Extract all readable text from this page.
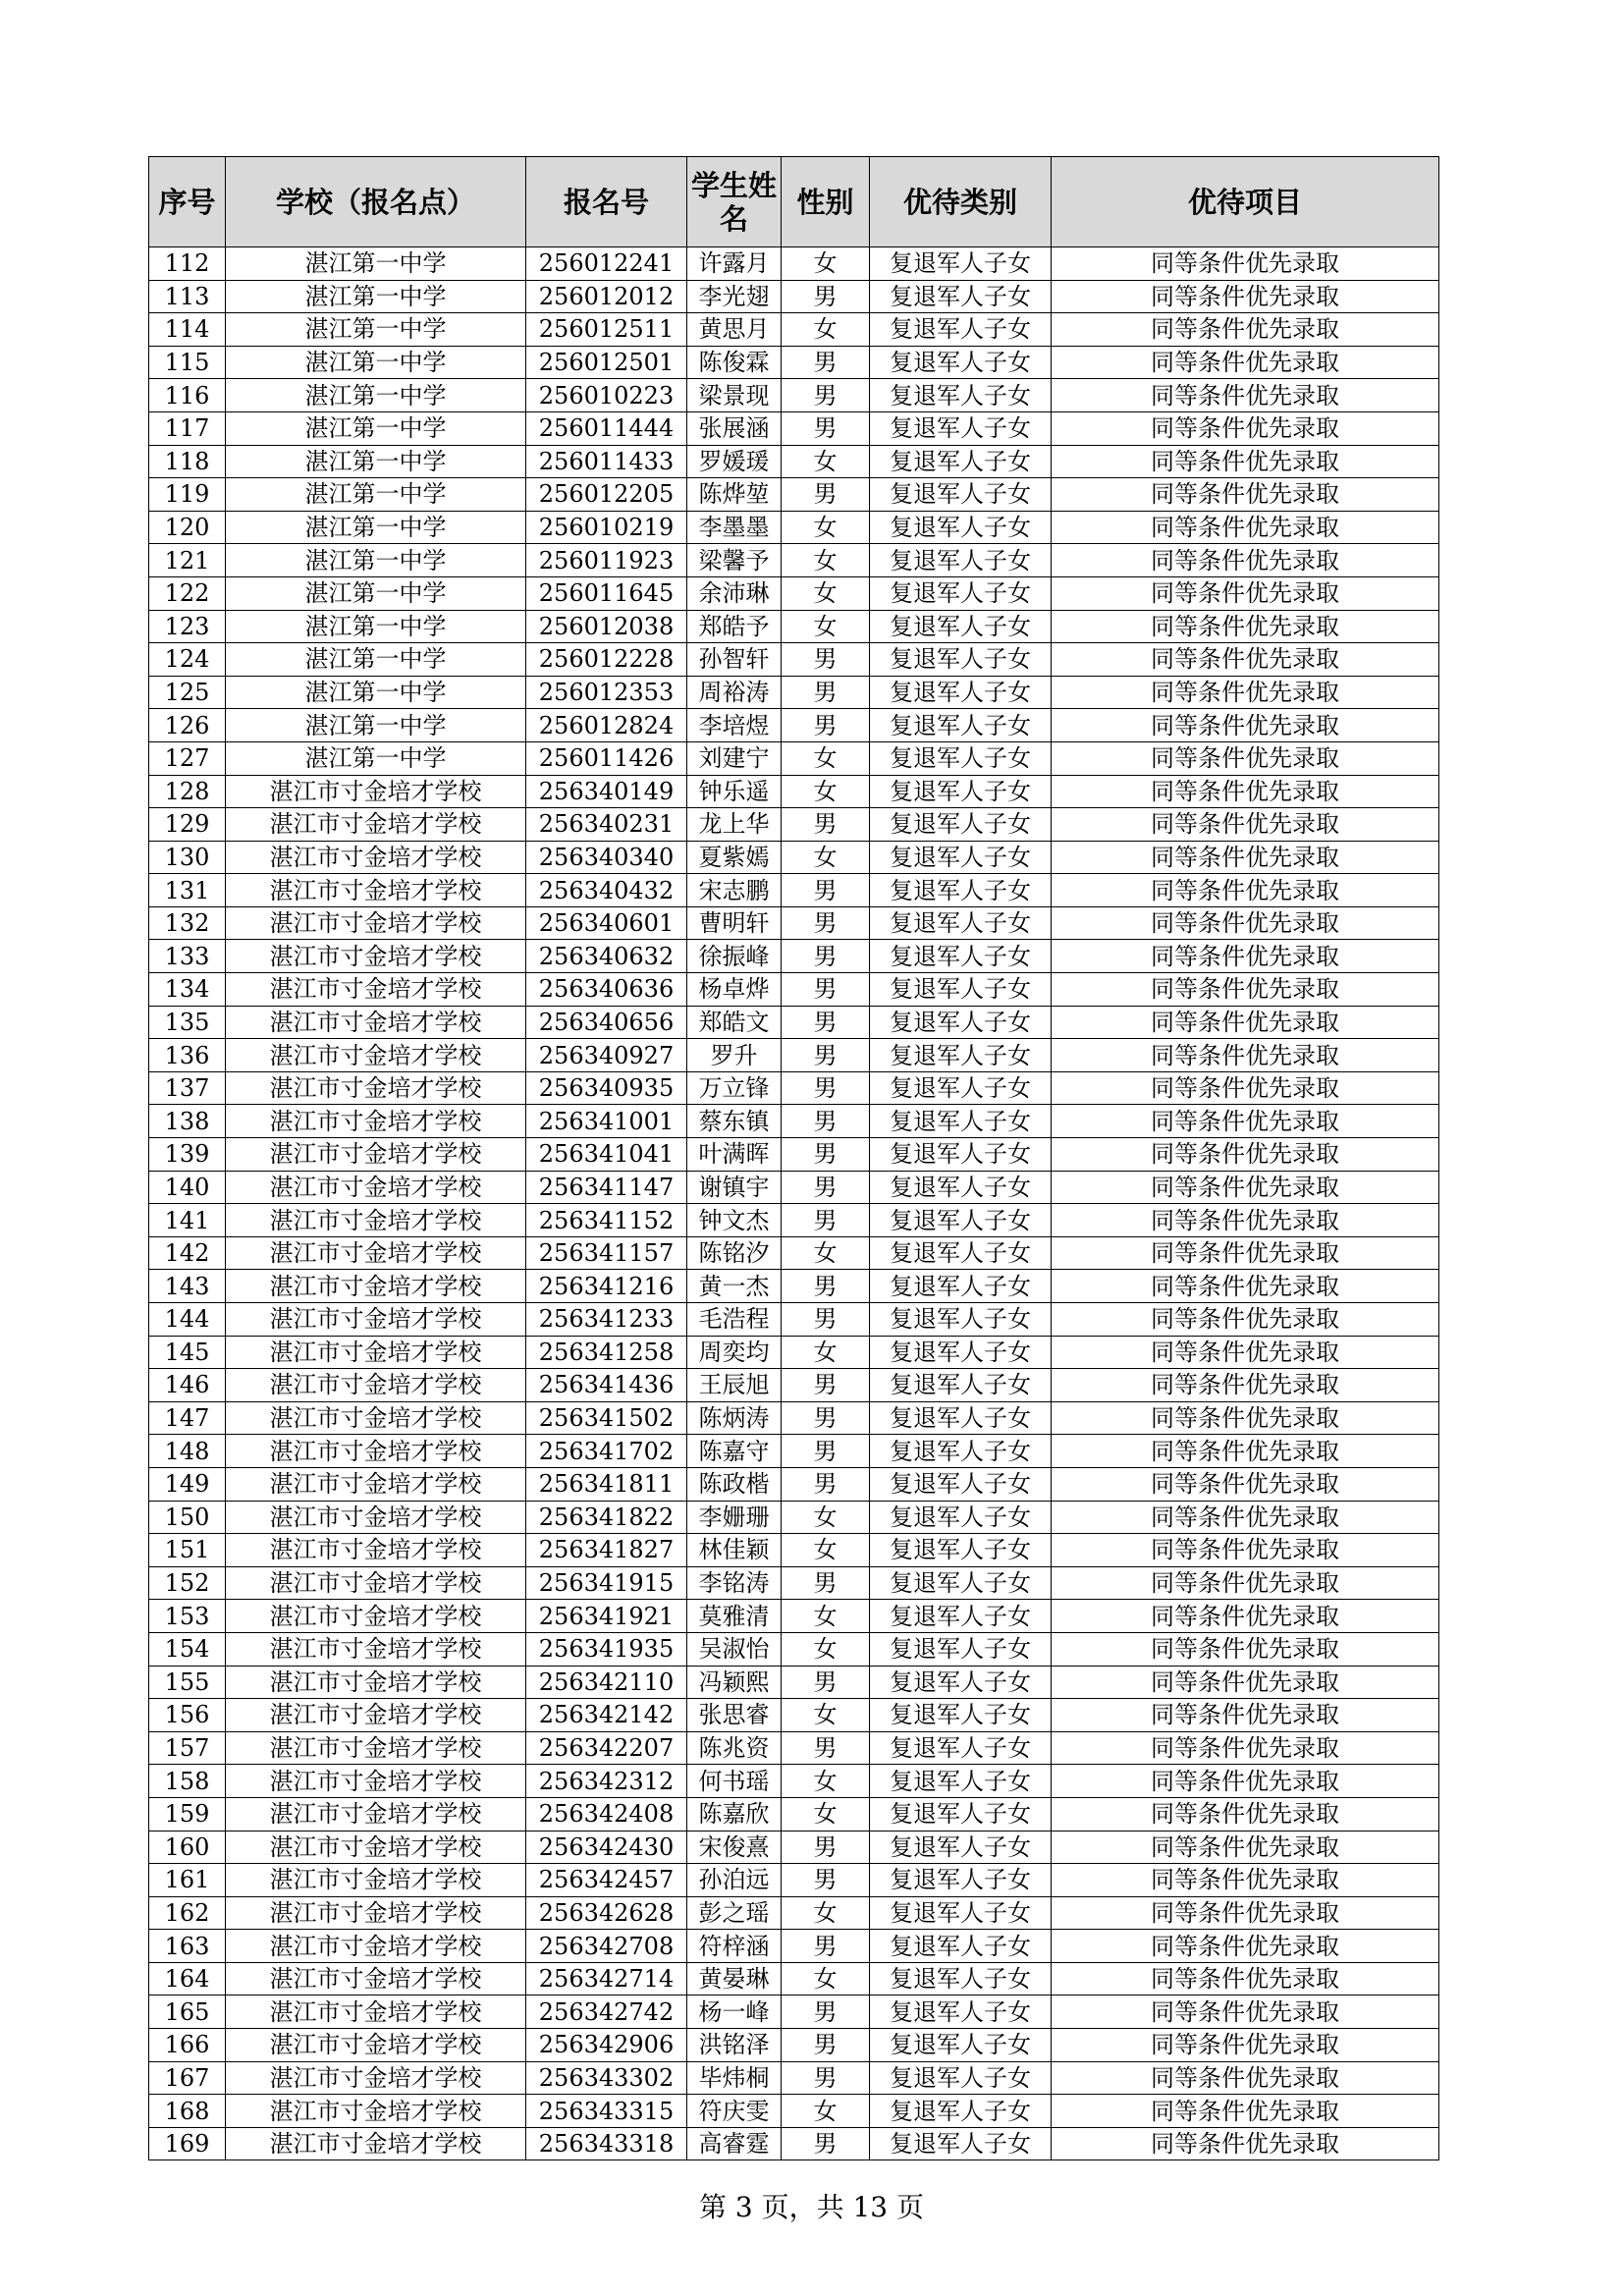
序号	学校（报名点）	报名号	学生姓名	性别	优待类别	优待项目
112	湛江第一中学	256012241	许露月	女	复退军人子女	同等条件优先录取
113	湛江第一中学	256012012	李光翅	男	复退军人子女	同等条件优先录取
114	湛江第一中学	256012511	黄思月	女	复退军人子女	同等条件优先录取
115	湛江第一中学	256012501	陈俊霖	男	复退军人子女	同等条件优先录取
116	湛江第一中学	256010223	梁景现	男	复退军人子女	同等条件优先录取
117	湛江第一中学	256011444	张展涵	男	复退军人子女	同等条件优先录取
118	湛江第一中学	256011433	罗媛瑗	女	复退军人子女	同等条件优先录取
119	湛江第一中学	256012205	陈烨堃	男	复退军人子女	同等条件优先录取
120	湛江第一中学	256010219	李墨墨	女	复退军人子女	同等条件优先录取
121	湛江第一中学	256011923	梁馨予	女	复退军人子女	同等条件优先录取
122	湛江第一中学	256011645	余沛琳	女	复退军人子女	同等条件优先录取
123	湛江第一中学	256012038	郑皓予	女	复退军人子女	同等条件优先录取
124	湛江第一中学	256012228	孙智轩	男	复退军人子女	同等条件优先录取
125	湛江第一中学	256012353	周裕涛	男	复退军人子女	同等条件优先录取
126	湛江第一中学	256012824	李培煜	男	复退军人子女	同等条件优先录取
127	湛江第一中学	256011426	刘建宁	女	复退军人子女	同等条件优先录取
128	湛江市寸金培才学校	256340149	钟乐遥	女	复退军人子女	同等条件优先录取
129	湛江市寸金培才学校	256340231	龙上华	男	复退军人子女	同等条件优先录取
130	湛江市寸金培才学校	256340340	夏紫嫣	女	复退军人子女	同等条件优先录取
131	湛江市寸金培才学校	256340432	宋志鹏	男	复退军人子女	同等条件优先录取
132	湛江市寸金培才学校	256340601	曹明轩	男	复退军人子女	同等条件优先录取
133	湛江市寸金培才学校	256340632	徐振峰	男	复退军人子女	同等条件优先录取
134	湛江市寸金培才学校	256340636	杨卓烨	男	复退军人子女	同等条件优先录取
135	湛江市寸金培才学校	256340656	郑皓文	男	复退军人子女	同等条件优先录取
136	湛江市寸金培才学校	256340927	罗升	男	复退军人子女	同等条件优先录取
137	湛江市寸金培才学校	256340935	万立锋	男	复退军人子女	同等条件优先录取
138	湛江市寸金培才学校	256341001	蔡东镇	男	复退军人子女	同等条件优先录取
139	湛江市寸金培才学校	256341041	叶满晖	男	复退军人子女	同等条件优先录取
140	湛江市寸金培才学校	256341147	谢镇宇	男	复退军人子女	同等条件优先录取
141	湛江市寸金培才学校	256341152	钟文杰	男	复退军人子女	同等条件优先录取
142	湛江市寸金培才学校	256341157	陈铭汐	女	复退军人子女	同等条件优先录取
143	湛江市寸金培才学校	256341216	黄一杰	男	复退军人子女	同等条件优先录取
144	湛江市寸金培才学校	256341233	毛浩程	男	复退军人子女	同等条件优先录取
145	湛江市寸金培才学校	256341258	周奕均	女	复退军人子女	同等条件优先录取
146	湛江市寸金培才学校	256341436	王辰旭	男	复退军人子女	同等条件优先录取
147	湛江市寸金培才学校	256341502	陈炳涛	男	复退军人子女	同等条件优先录取
148	湛江市寸金培才学校	256341702	陈嘉守	男	复退军人子女	同等条件优先录取
149	湛江市寸金培才学校	256341811	陈政楷	男	复退军人子女	同等条件优先录取
150	湛江市寸金培才学校	256341822	李姗珊	女	复退军人子女	同等条件优先录取
151	湛江市寸金培才学校	256341827	林佳颖	女	复退军人子女	同等条件优先录取
152	湛江市寸金培才学校	256341915	李铭涛	男	复退军人子女	同等条件优先录取
153	湛江市寸金培才学校	256341921	莫雅清	女	复退军人子女	同等条件优先录取
154	湛江市寸金培才学校	256341935	吴淑怡	女	复退军人子女	同等条件优先录取
155	湛江市寸金培才学校	256342110	冯颖熙	男	复退军人子女	同等条件优先录取
156	湛江市寸金培才学校	256342142	张思睿	女	复退军人子女	同等条件优先录取
157	湛江市寸金培才学校	256342207	陈兆资	男	复退军人子女	同等条件优先录取
158	湛江市寸金培才学校	256342312	何书瑶	女	复退军人子女	同等条件优先录取
159	湛江市寸金培才学校	256342408	陈嘉欣	女	复退军人子女	同等条件优先录取
160	湛江市寸金培才学校	256342430	宋俊熹	男	复退军人子女	同等条件优先录取
161	湛江市寸金培才学校	256342457	孙泊远	男	复退军人子女	同等条件优先录取
162	湛江市寸金培才学校	256342628	彭之瑶	女	复退军人子女	同等条件优先录取
163	湛江市寸金培才学校	256342708	符梓涵	男	复退军人子女	同等条件优先录取
164	湛江市寸金培才学校	256342714	黄晏琳	女	复退军人子女	同等条件优先录取
165	湛江市寸金培才学校	256342742	杨一峰	男	复退军人子女	同等条件优先录取
166	湛江市寸金培才学校	256342906	洪铭泽	男	复退军人子女	同等条件优先录取
167	湛江市寸金培才学校	256343302	毕炜桐	男	复退军人子女	同等条件优先录取
168	湛江市寸金培才学校	256343315	符庆雯	女	复退军人子女	同等条件优先录取
169	湛江市寸金培才学校	256343318	高睿霆	男	复退军人子女	同等条件优先录取
第 3 页，共 13 页
